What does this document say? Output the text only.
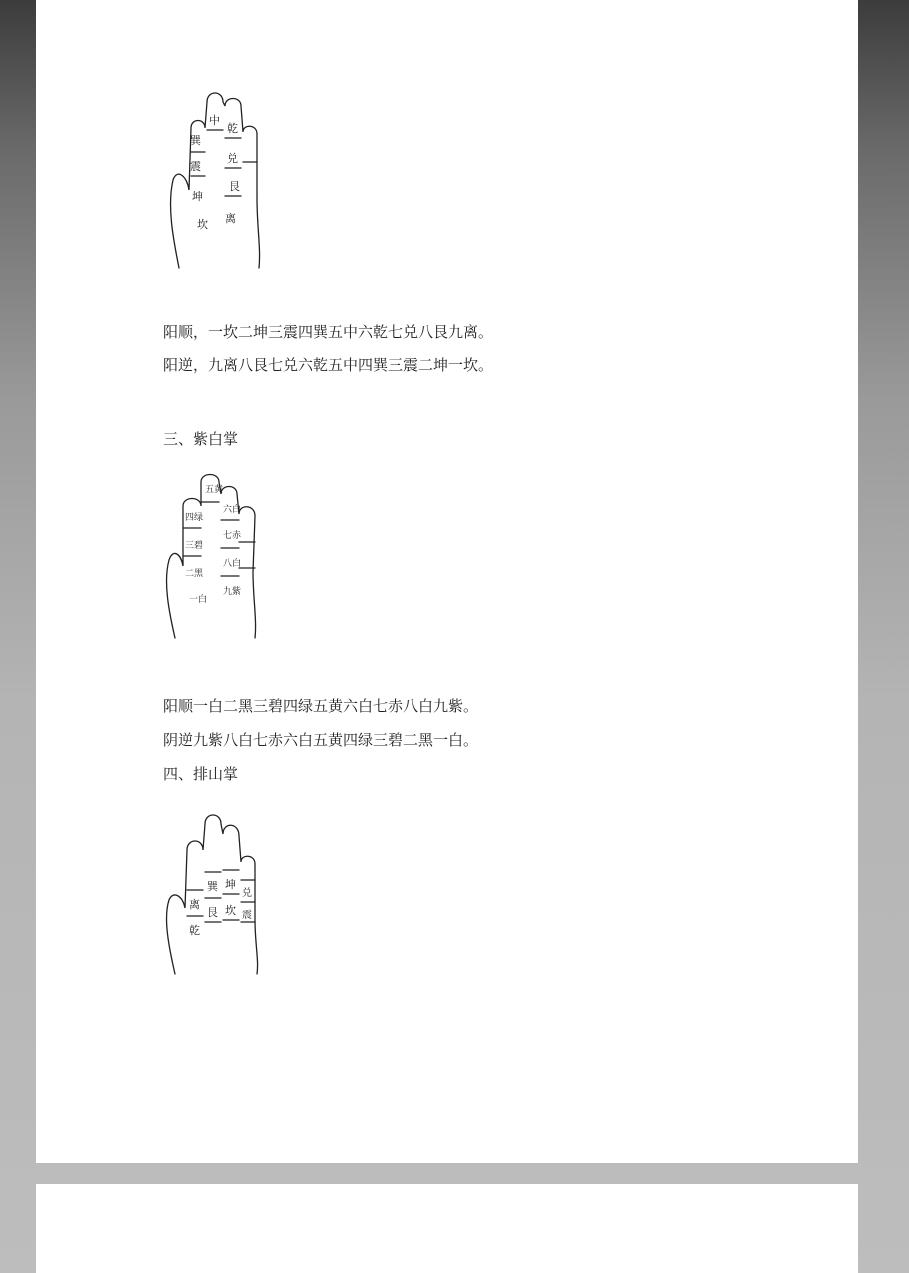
巽
中
乾
震
兑
坤
艮
坎 离

阳顺，一坎二坤三震四巽五中六乾七兑八艮九离。

阳逆，九离八艮七兑六乾五中四巽三震二坤一坎。

三、紫白掌

五黄
四绿
六白
七赤
三碧
八白
二黑
九紫
一白

阳顺一白二黑三碧四绿五黄六白七赤八白九紫。

阴逆九紫八白七赤六白五黄四绿三碧二黑一白。

四、排山掌

离
巽 坤
兑
乾
艮 坎 震
